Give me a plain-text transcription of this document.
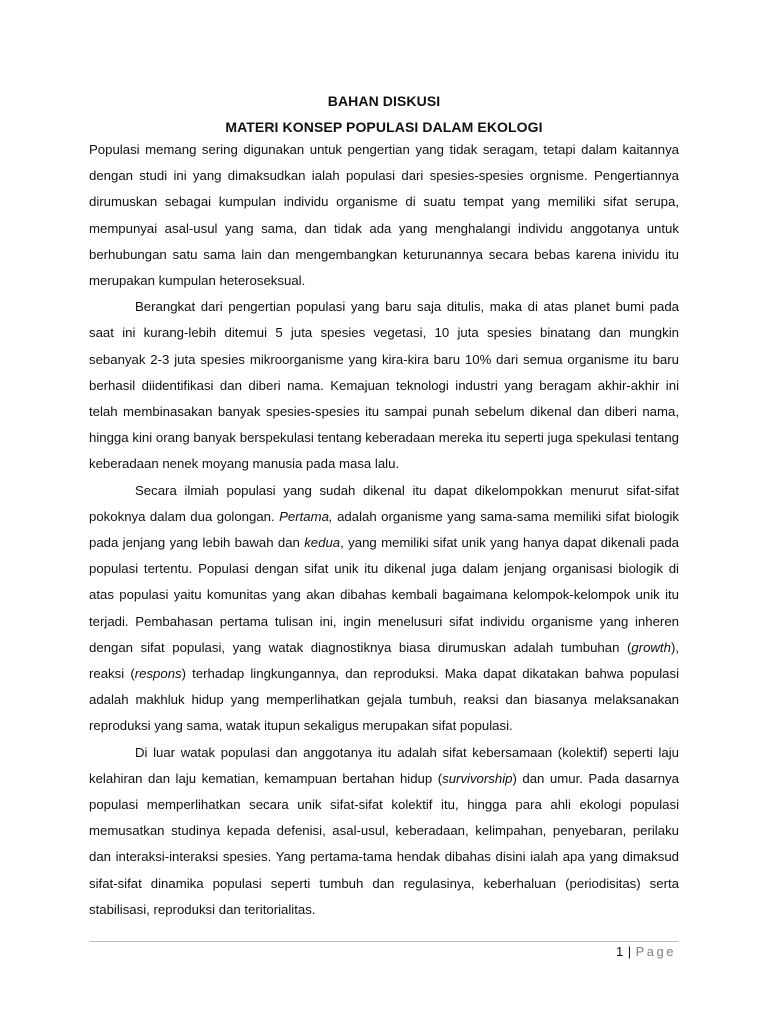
BAHAN DISKUSI
MATERI KONSEP POPULASI DALAM EKOLOGI

Populasi memang sering digunakan untuk pengertian yang tidak seragam, tetapi dalam kaitannya dengan studi ini yang dimaksudkan ialah populasi dari spesies-spesies orgnisme. Pengertiannya dirumuskan sebagai kumpulan individu organisme di suatu tempat yang memiliki sifat serupa, mempunyai asal-usul yang sama, dan tidak ada yang menghalangi individu anggotanya untuk berhubungan satu sama lain dan mengembangkan keturunannya secara bebas karena inividu itu merupakan kumpulan heteroseksual.

Berangkat dari pengertian populasi yang baru saja ditulis, maka di atas planet bumi pada saat ini kurang-lebih ditemui 5 juta spesies vegetasi, 10 juta spesies binatang dan mungkin sebanyak 2-3 juta spesies mikroorganisme yang kira-kira baru 10% dari semua organisme itu baru berhasil diidentifikasi dan diberi nama. Kemajuan teknologi industri yang beragam akhir-akhir ini telah membinasakan banyak spesies-spesies itu sampai punah sebelum dikenal dan diberi nama, hingga kini orang banyak berspekulasi tentang keberadaan mereka itu seperti juga spekulasi tentang keberadaan nenek moyang manusia pada masa lalu.

Secara ilmiah populasi yang sudah dikenal itu dapat dikelompokkan menurut sifat-sifat pokoknya dalam dua golongan. Pertama, adalah organisme yang sama-sama memiliki sifat biologik pada jenjang yang lebih bawah dan kedua, yang memiliki sifat unik yang hanya dapat dikenali pada populasi tertentu. Populasi dengan sifat unik itu dikenal juga dalam jenjang organisasi biologik di atas populasi yaitu komunitas yang akan dibahas kembali bagaimana kelompok-kelompok unik itu terjadi. Pembahasan pertama tulisan ini, ingin menelusuri sifat individu organisme yang inheren dengan sifat populasi, yang watak diagnostiknya biasa dirumuskan adalah tumbuhan (growth), reaksi (respons) terhadap lingkungannya, dan reproduksi. Maka dapat dikatakan bahwa populasi adalah makhluk hidup yang memperlihatkan gejala tumbuh, reaksi dan biasanya melaksanakan reproduksi yang sama, watak itupun sekaligus merupakan sifat populasi.

Di luar watak populasi dan anggotanya itu adalah sifat kebersamaan (kolektif) seperti laju kelahiran dan laju kematian, kemampuan bertahan hidup (survivorship) dan umur. Pada dasarnya populasi memperlihatkan secara unik sifat-sifat kolektif itu, hingga para ahli ekologi populasi memusatkan studinya kepada defenisi, asal-usul, keberadaan, kelimpahan, penyebaran, perilaku dan interaksi-interaksi spesies. Yang pertama-tama hendak dibahas disini ialah apa yang dimaksud sifat-sifat dinamika populasi seperti tumbuh dan regulasinya, keberhaluan (periodisitas) serta stabilisasi, reproduksi dan teritorialitas.

1 | Page
